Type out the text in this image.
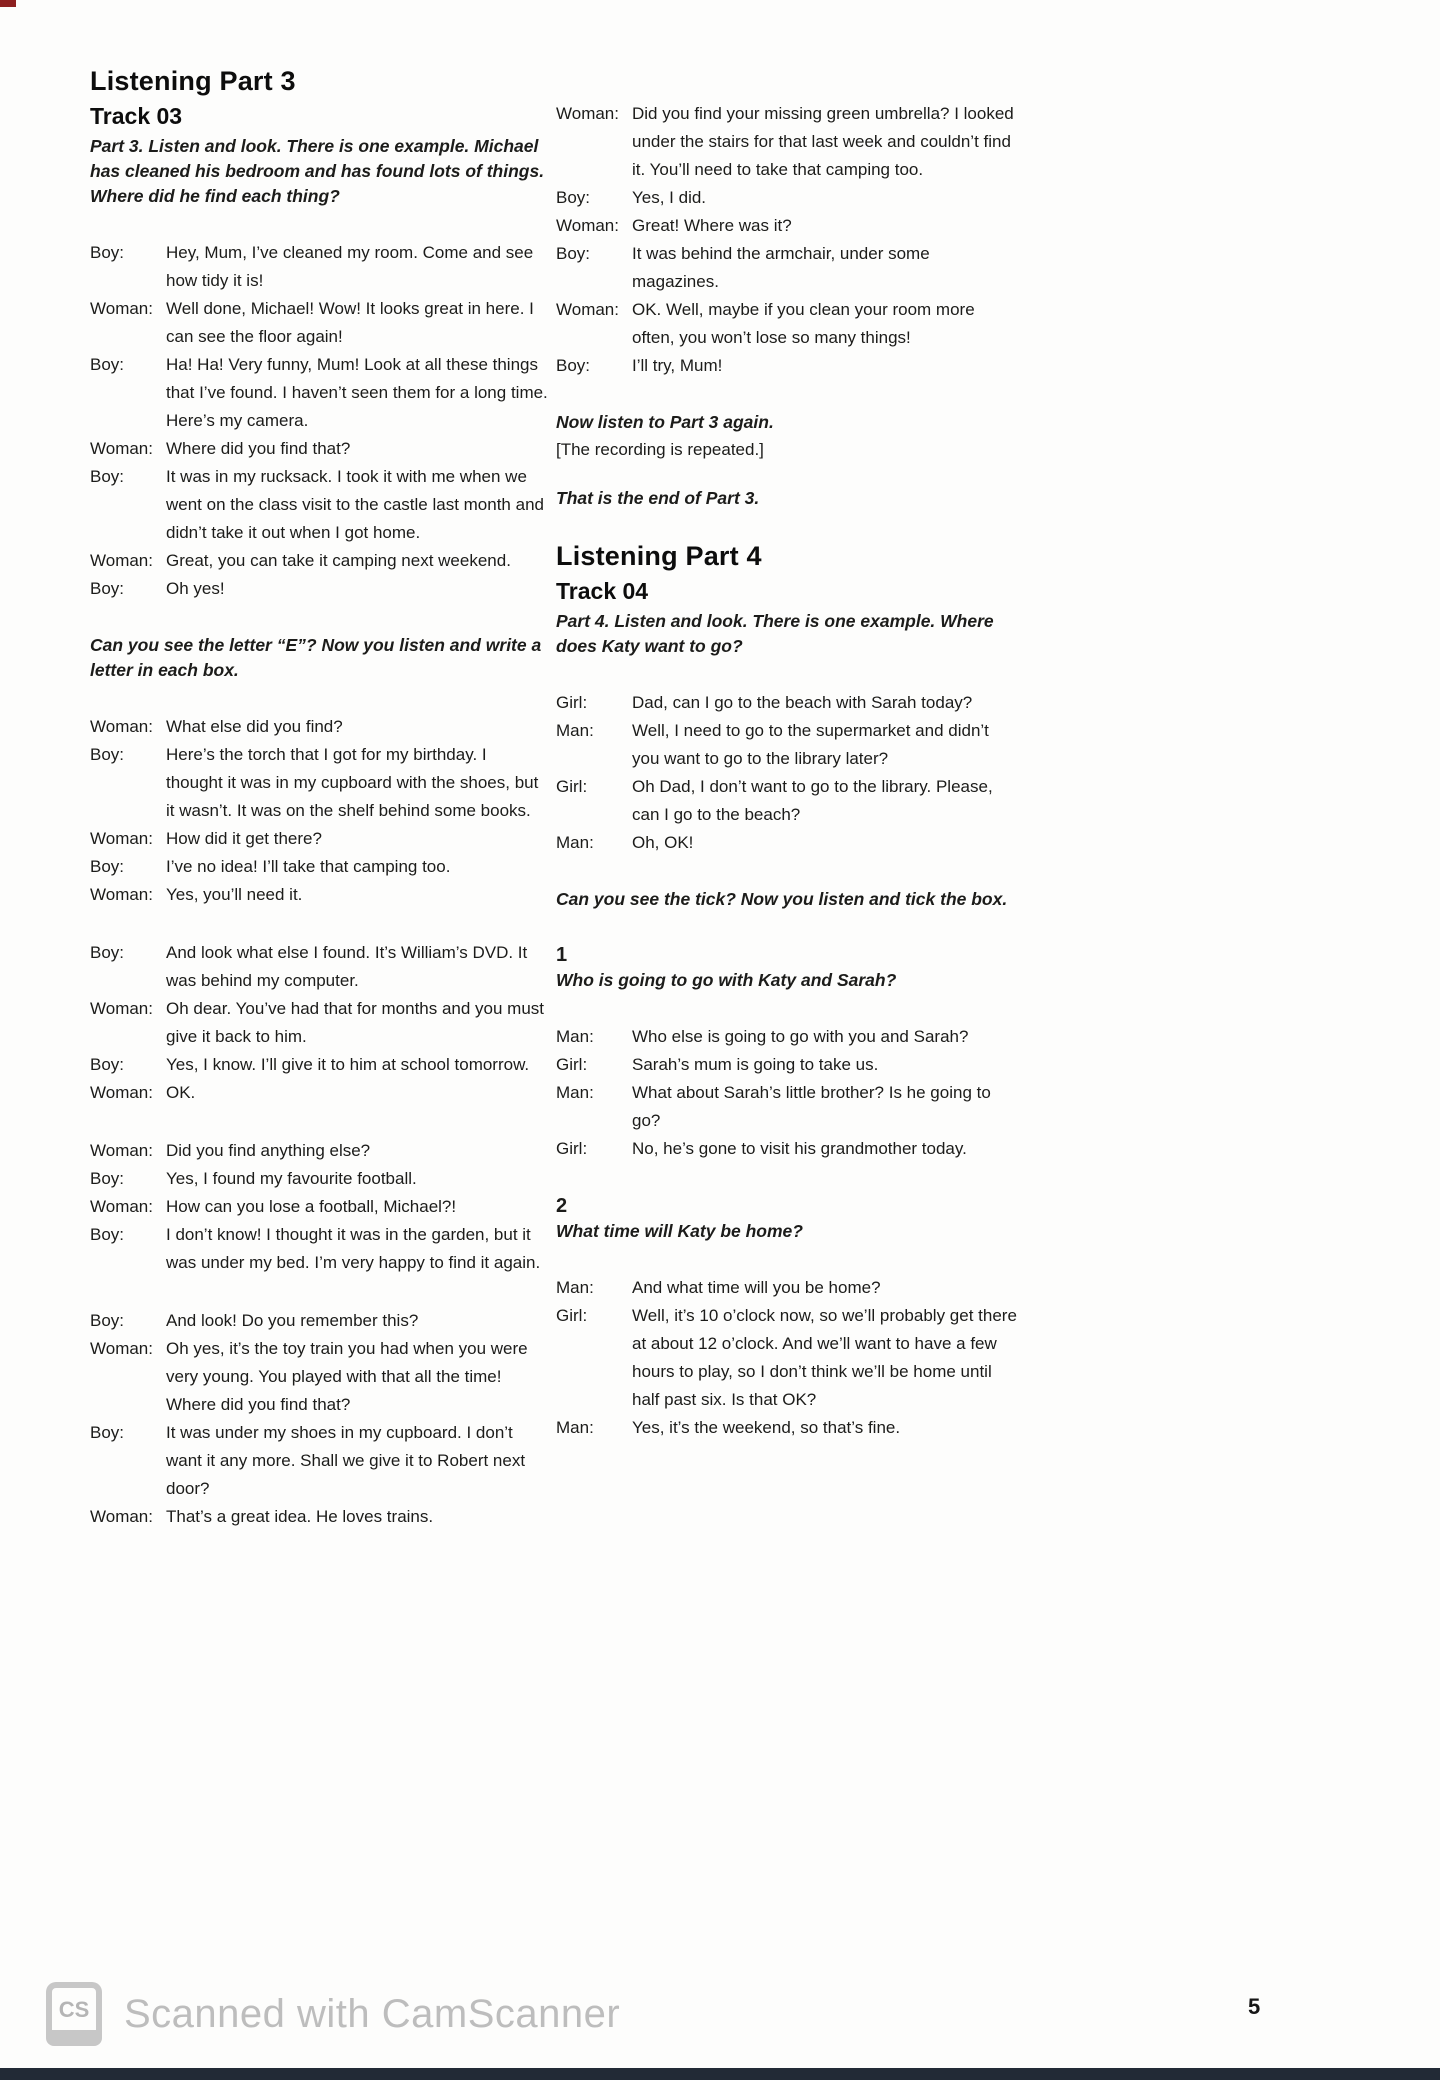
Listening Part 3
Track 03
Part 3. Listen and look. There is one example. Michael has cleaned his bedroom and has found lots of things. Where did he find each thing?
Boy:	Hey, Mum, I’ve cleaned my room. Come and see how tidy it is!
Woman: Well done, Michael! Wow! It looks great in here. I can see the floor again!
Boy:	Ha! Ha! Very funny, Mum! Look at all these things that I’ve found. I haven’t seen them for a long time. Here’s my camera.
Woman: Where did you find that?
Boy:	It was in my rucksack. I took it with me when we went on the class visit to the castle last month and didn’t take it out when I got home.
Woman: Great, you can take it camping next weekend.
Boy:	Oh yes!
Can you see the letter “E”? Now you listen and write a letter in each box.
Woman: What else did you find?
Boy:	Here’s the torch that I got for my birthday. I thought it was in my cupboard with the shoes, but it wasn’t. It was on the shelf behind some books.
Woman: How did it get there?
Boy:	I’ve no idea! I’ll take that camping too.
Woman: Yes, you’ll need it.
Boy:	And look what else I found. It’s William’s DVD. It was behind my computer.
Woman: Oh dear. You’ve had that for months and you must give it back to him.
Boy:	Yes, I know. I’ll give it to him at school tomorrow.
Woman: OK.
Woman: Did you find anything else?
Boy:	Yes, I found my favourite football.
Woman: How can you lose a football, Michael?!
Boy:	I don’t know! I thought it was in the garden, but it was under my bed. I’m very happy to find it again.
Boy:	And look! Do you remember this?
Woman: Oh yes, it’s the toy train you had when you were very young. You played with that all the time! Where did you find that?
Boy:	It was under my shoes in my cupboard. I don’t want it any more. Shall we give it to Robert next door?
Woman: That’s a great idea. He loves trains.
Woman: Did you find your missing green umbrella? I looked under the stairs for that last week and couldn’t find it. You’ll need to take that camping too.
Boy:	Yes, I did.
Woman: Great! Where was it?
Boy:	It was behind the armchair, under some magazines.
Woman: OK. Well, maybe if you clean your room more often, you won’t lose so many things!
Boy:	I’ll try, Mum!
Now listen to Part 3 again.
[The recording is repeated.]
That is the end of Part 3.
Listening Part 4
Track 04
Part 4. Listen and look. There is one example. Where does Katy want to go?
Girl:	Dad, can I go to the beach with Sarah today?
Man:	Well, I need to go to the supermarket and didn’t you want to go to the library later?
Girl:	Oh Dad, I don’t want to go to the library. Please, can I go to the beach?
Man:	Oh, OK!
Can you see the tick? Now you listen and tick the box.
1
Who is going to go with Katy and Sarah?
Man:	Who else is going to go with you and Sarah?
Girl:	Sarah’s mum is going to take us.
Man:	What about Sarah’s little brother? Is he going to go?
Girl:	No, he’s gone to visit his grandmother today.
2
What time will Katy be home?
Man:	And what time will you be home?
Girl:	Well, it’s 10 o’clock now, so we’ll probably get there at about 12 o’clock. And we’ll want to have a few hours to play, so I don’t think we’ll be home until half past six. Is that OK?
Man:	Yes, it’s the weekend, so that’s fine.
CS Scanned with CamScanner	5
